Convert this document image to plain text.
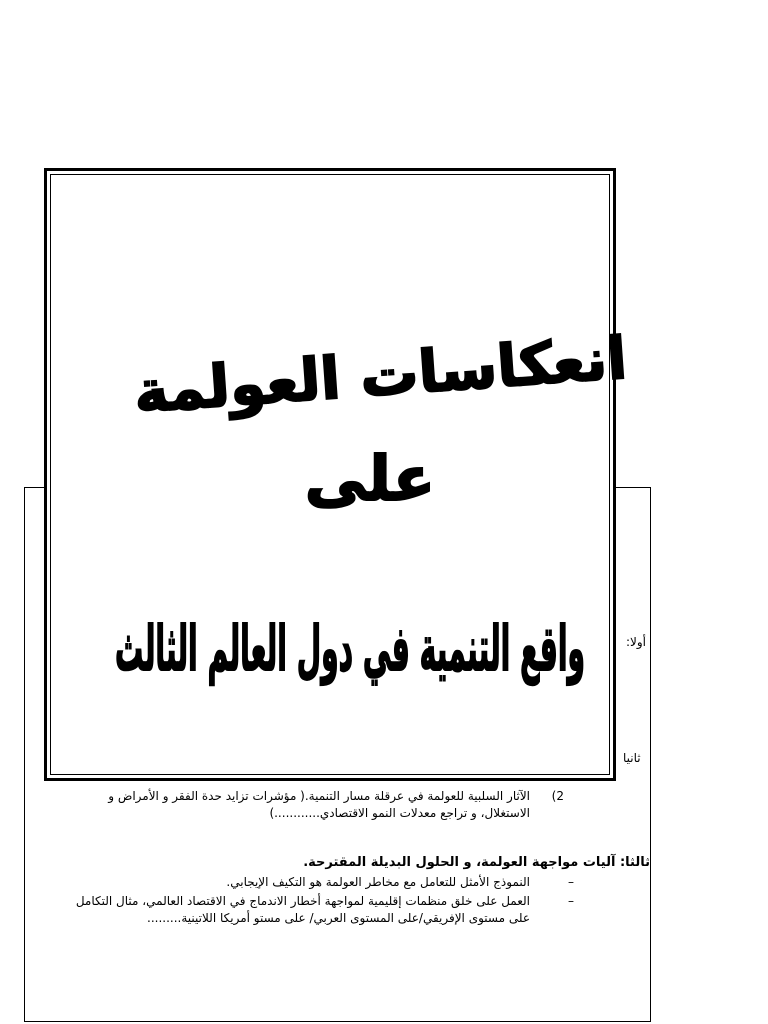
أولا:
ثانيا
2)

الآثار السلبية للعولمة في عرقلة مسار التنمية.( مؤشرات تزايد حدة الفقر و الأمراض و الاستغلال، و تراجع معدلات النمو الاقتصادي............)

ثالثا: آليات مواجهة العولمة، و الحلول البديلة المقترحة.
–
النموذج الأمثل للتعامل مع مخاطر العولمة هو التكيف الإيجابي.
–
العمل على خلق منظمات إقليمية لمواجهة أخطار الاندماج في الاقتصاد العالمي، مثال التكامل على مستوى الإفريقي/على المستوى العربي/ على مستو أمريكا اللاتينية.........
انعكاسات العولمة
على
واقع التنمية في دول العالم الثالث
